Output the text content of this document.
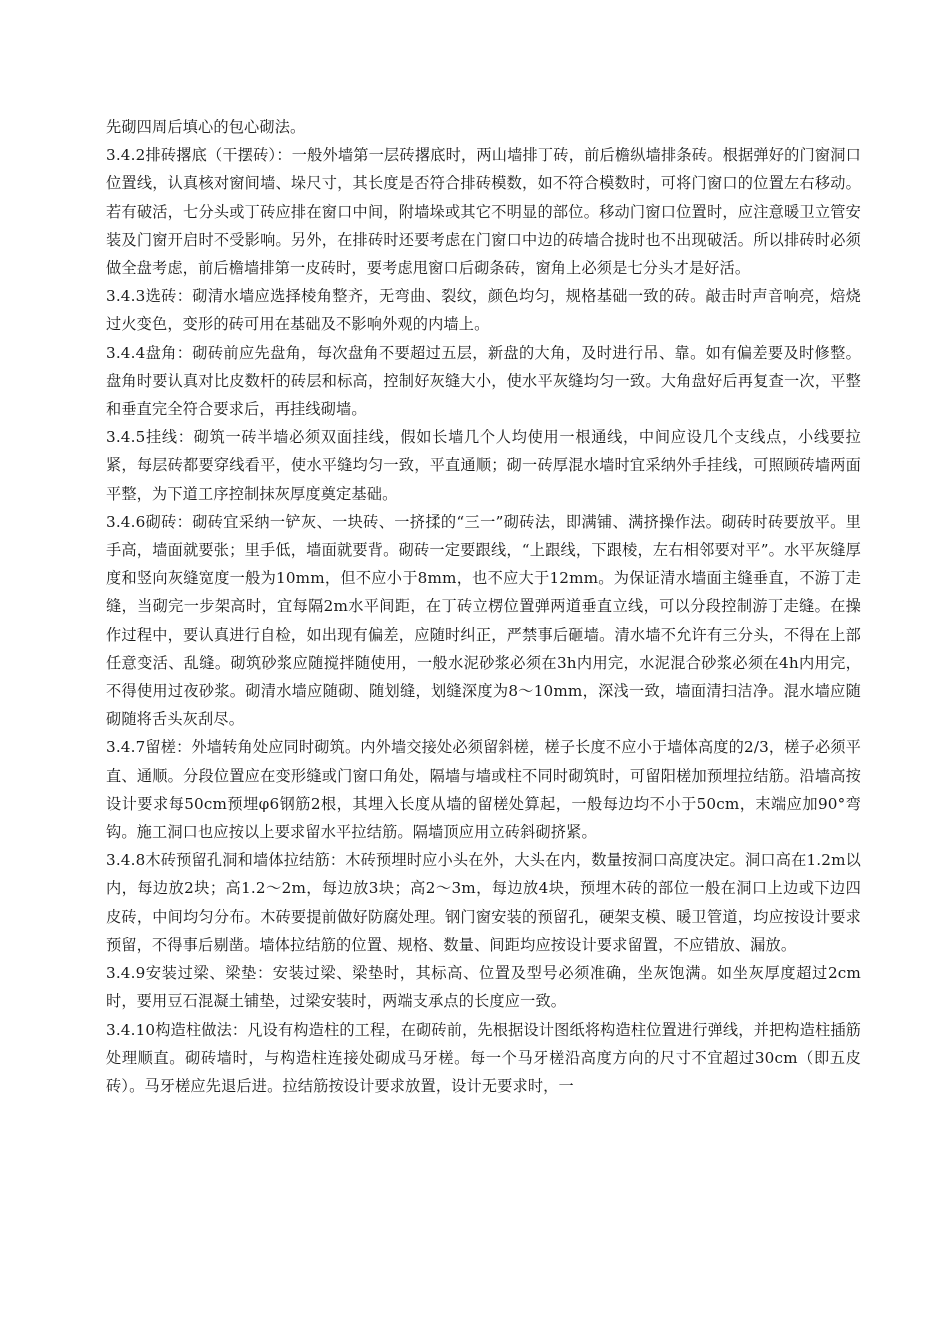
先砌四周后填心的包心砌法。

3.4.2排砖撂底（干摆砖）：一般外墙第一层砖撂底时，两山墙排丁砖，前后檐纵墙排条砖。根据弹好的门窗洞口位置线，认真核对窗间墙、垛尺寸，其长度是否符合排砖模数，如不符合模数时，可将门窗口的位置左右移动。若有破活，七分头或丁砖应排在窗口中间，附墙垛或其它不明显的部位。移动门窗口位置时，应注意暖卫立管安装及门窗开启时不受影响。另外，在排砖时还要考虑在门窗口中边的砖墙合拢时也不出现破活。所以排砖时必须做全盘考虑，前后檐墙排第一皮砖时，要考虑甩窗口后砌条砖，窗角上必须是七分头才是好活。

3.4.3选砖：砌清水墙应选择棱角整齐，无弯曲、裂纹，颜色均匀，规格基础一致的砖。敲击时声音响亮，焙烧过火变色，变形的砖可用在基础及不影响外观的内墙上。

3.4.4盘角：砌砖前应先盘角，每次盘角不要超过五层，新盘的大角，及时进行吊、靠。如有偏差要及时修整。盘角时要认真对比皮数杆的砖层和标高，控制好灰缝大小，使水平灰缝均匀一致。大角盘好后再复查一次，平整和垂直完全符合要求后，再挂线砌墙。

3.4.5挂线：砌筑一砖半墙必须双面挂线，假如长墙几个人均使用一根通线，中间应设几个支线点，小线要拉紧，每层砖都要穿线看平，使水平缝均匀一致，平直通顺；砌一砖厚混水墙时宜采纳外手挂线，可照顾砖墙两面平整，为下道工序控制抹灰厚度奠定基础。

3.4.6砌砖：砌砖宜采纳一铲灰、一块砖、一挤揉的“三一”砌砖法，即满铺、满挤操作法。砌砖时砖要放平。里手高，墙面就要张；里手低，墙面就要背。砌砖一定要跟线，“上跟线，下跟棱，左右相邻要对平”。水平灰缝厚度和竖向灰缝宽度一般为10mm，但不应小于8mm，也不应大于12mm。为保证清水墙面主缝垂直，不游丁走缝，当砌完一步架高时，宜每隔2m水平间距，在丁砖立楞位置弹两道垂直立线，可以分段控制游丁走缝。在操作过程中，要认真进行自检，如出现有偏差，应随时纠正，严禁事后砸墙。清水墙不允许有三分头，不得在上部任意变活、乱缝。砌筑砂浆应随搅拌随使用，一般水泥砂浆必须在3h内用完，水泥混合砂浆必须在4h内用完，不得使用过夜砂浆。砌清水墙应随砌、随划缝，划缝深度为8～10mm，深浅一致，墙面清扫洁净。混水墙应随砌随将舌头灰刮尽。

3.4.7留槎：外墙转角处应同时砌筑。内外墙交接处必须留斜槎，槎子长度不应小于墙体高度的2/3，槎子必须平直、通顺。分段位置应在变形缝或门窗口角处，隔墙与墙或柱不同时砌筑时，可留阳槎加预埋拉结筋。沿墙高按设计要求每50cm预埋φ6钢筋2根，其埋入长度从墙的留槎处算起，一般每边均不小于50cm，末端应加90°弯钩。施工洞口也应按以上要求留水平拉结筋。隔墙顶应用立砖斜砌挤紧。

3.4.8木砖预留孔洞和墙体拉结筋：木砖预埋时应小头在外，大头在内，数量按洞口高度决定。洞口高在1.2m以内，每边放2块；高1.2～2m，每边放3块；高2～3m，每边放4块，预埋木砖的部位一般在洞口上边或下边四皮砖，中间均匀分布。木砖要提前做好防腐处理。钢门窗安装的预留孔，硬架支模、暖卫管道，均应按设计要求预留，不得事后剔凿。墙体拉结筋的位置、规格、数量、间距均应按设计要求留置，不应错放、漏放。

3.4.9安装过梁、梁垫：安装过梁、梁垫时，其标高、位置及型号必须准确，坐灰饱满。如坐灰厚度超过2cm时，要用豆石混凝土铺垫，过梁安装时，两端支承点的长度应一致。

3.4.10构造柱做法：凡设有构造柱的工程，在砌砖前，先根据设计图纸将构造柱位置进行弹线，并把构造柱插筋处理顺直。砌砖墙时，与构造柱连接处砌成马牙槎。每一个马牙槎沿高度方向的尺寸不宜超过30cm（即五皮砖）。马牙槎应先退后进。拉结筋按设计要求放置，设计无要求时，一
